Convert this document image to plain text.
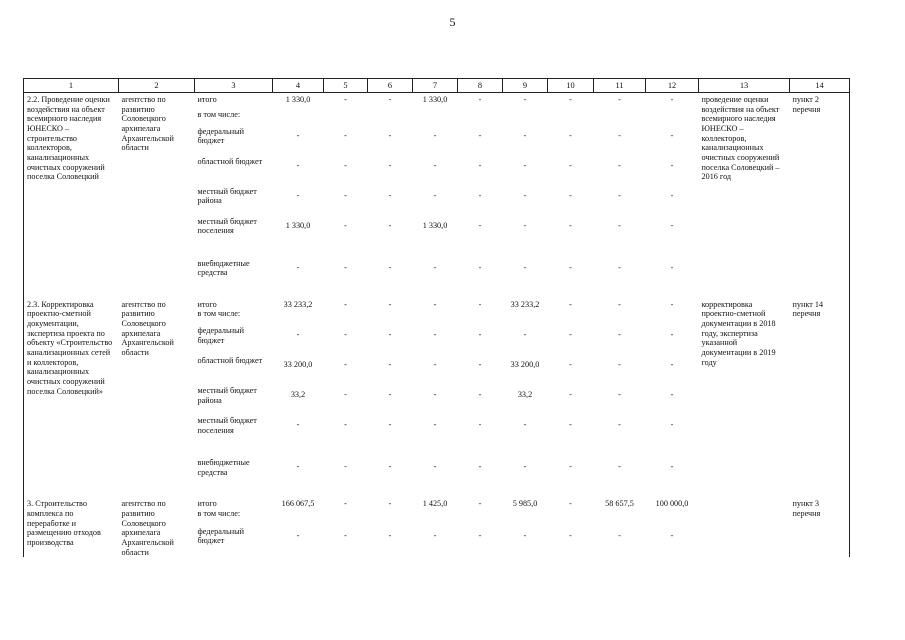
5
1	2	3	4	5	6	7	8	9	10	11	12	13	14
2.2. Проведение оценки воздействия на объект всемирного наследия ЮНЕСКО – строительство коллекторов, канализационных очистных сооружений поселка Соловецкий	агентство по развитию Соловецкого архипелага Архангельской области	итого	1 330,0	-	-	1 330,0	-	-	-	-	-	проведение оценки воздействия на объект всемирного наследия ЮНЕСКО – коллекторов, канализационных очистных сооружений поселка Соловецкий – 2016 год	пункт 2 перечня
		в том числе:											
		федеральный бюджет	-	-	-	-	-	-	-	-	-		
		областной бюджет	-	-	-	-	-	-	-	-	-		
		местный бюджет района	-	-	-	-	-	-	-	-	-		
		местный бюджет поселения	1 330,0	-	-	1 330,0	-	-	-	-	-		
		внебюджетные средства	-	-	-	-	-	-	-	-	-		
2.3. Корректировка проектно-сметной документации, экспертиза проекта по объекту «Строительство канализационных сетей и коллекторов, канализационных очистных сооружений поселка Соловецкий»	агентство по развитию Соловецкого архипелага Архангельской области	итого	33 233,2	-	-	-	-	33 233,2	-	-	-	корректировка проектно-сметной документации в 2018 году, экспертиза указанной документации в 2019 году	пункт 14 перечня
		в том числе:											
		федеральный бюджет	-	-	-	-	-	-	-	-	-		
		областной бюджет	33 200,0	-	-	-	-	33 200,0	-	-	-		
		местный бюджет района	33,2	-	-	-	-	33,2	-	-	-		
		местный бюджет поселения	-	-	-	-	-	-	-	-	-		
		внебюджетные средства	-	-	-	-	-	-	-	-	-		
3. Строительство комплекса по переработке и размещению отходов производства	агентство по развитию Соловецкого архипелага Архангельской области	итого	166 067,5	-	-	1 425,0	-	5 985,0	-	58 657,5	100 000,0		пункт 3 перечня
		в том числе:											
		федеральный бюджет	-	-	-	-	-	-	-	-	-		
